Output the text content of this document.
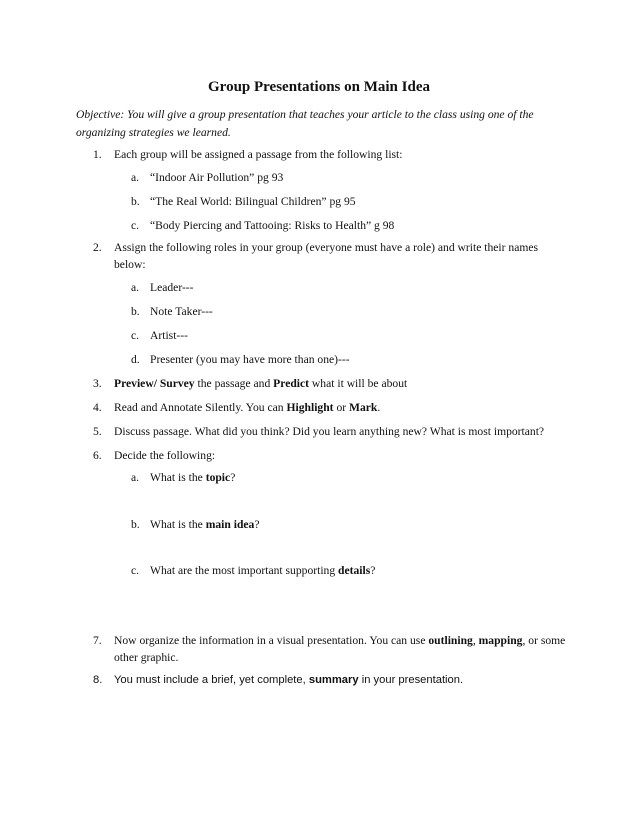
Group Presentations on Main Idea
Objective: You will give a group presentation that teaches your article to the class using one of the organizing strategies we learned.
1.	Each group will be assigned a passage from the following list:
a. “Indoor Air Pollution” pg 93
b. “The Real World: Bilingual Children” pg 95
c. “Body Piercing and Tattooing: Risks to Health” g 98
2.	Assign the following roles in your group (everyone must have a role) and write their names below:
a. Leader---
b. Note Taker---
c. Artist---
d. Presenter (you may have more than one)---
3.	Preview/ Survey the passage and Predict what it will be about
4.	Read and Annotate Silently. You can Highlight or Mark.
5.	Discuss passage. What did you think? Did you learn anything new? What is most important?
6.	Decide the following:
a. What is the topic?
b. What is the main idea?
c. What are the most important supporting details?
7.	Now organize the information in a visual presentation. You can use outlining, mapping, or some other graphic.
8.	You must include a brief, yet complete, summary in your presentation.
